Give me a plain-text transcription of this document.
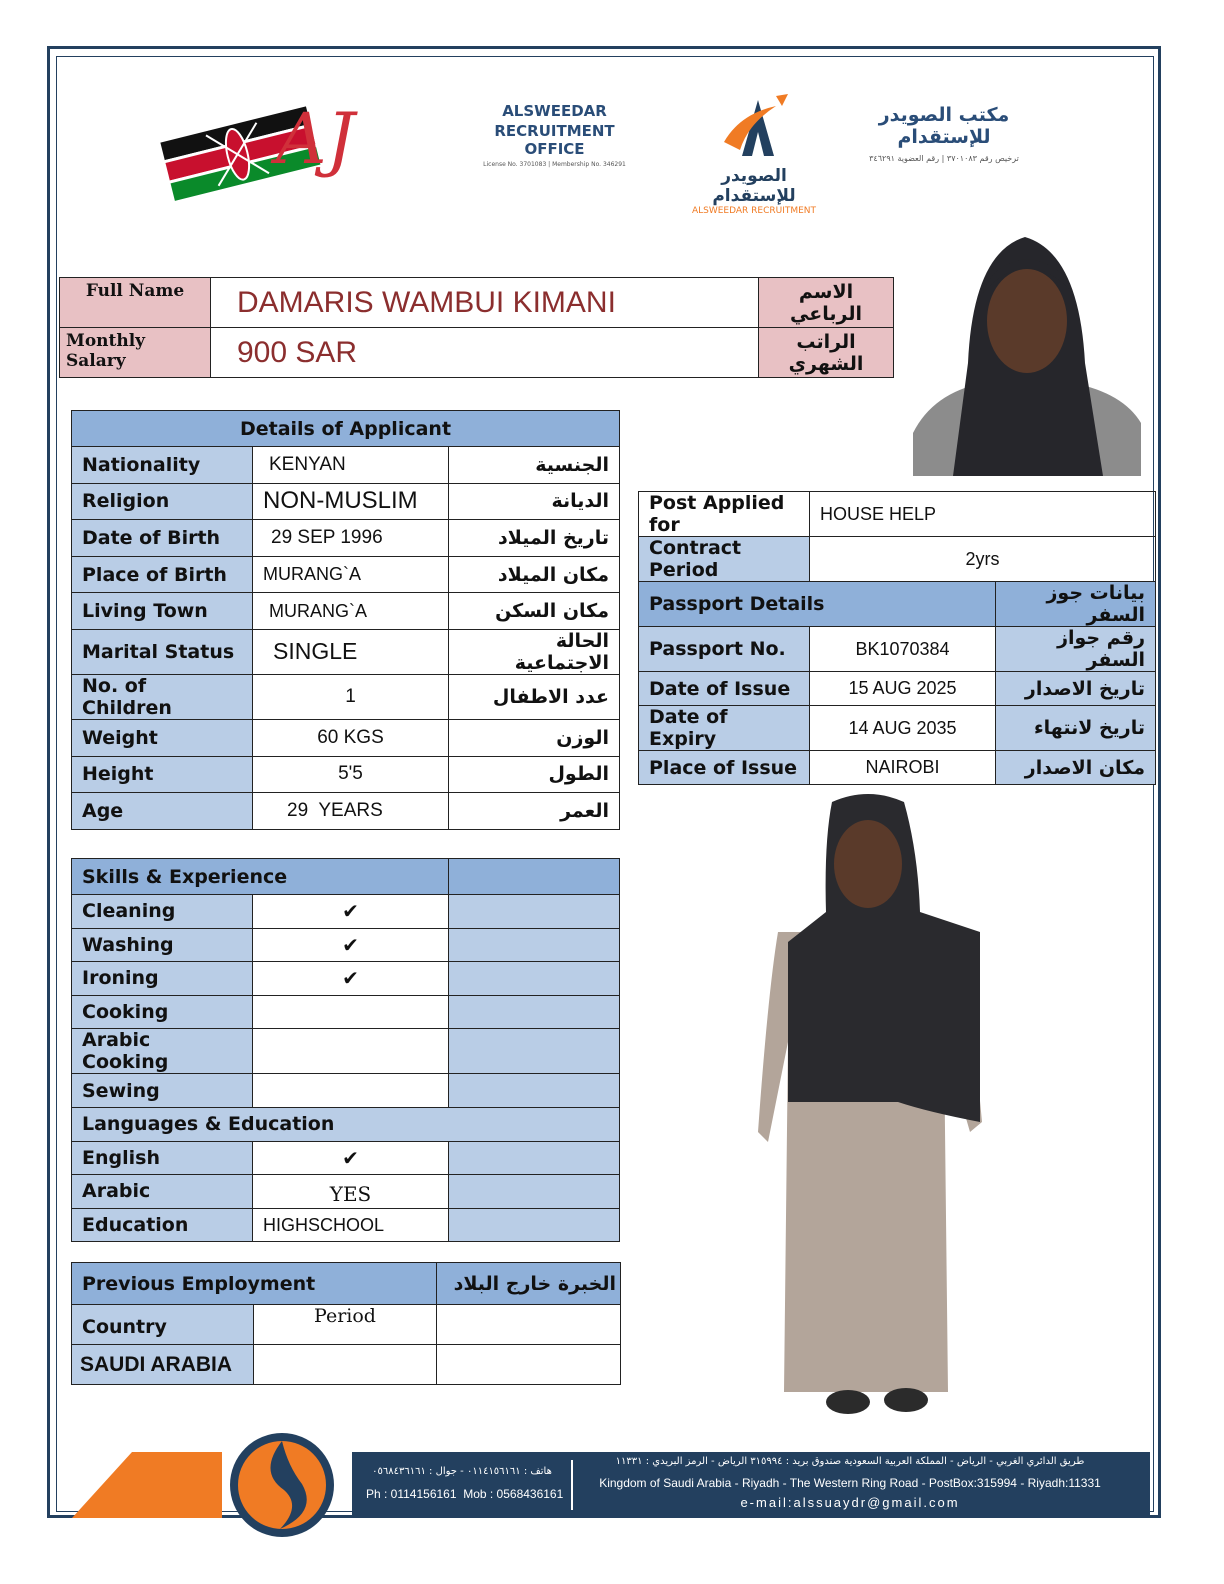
AJ	ALSWEEDAR
RECRUITMENT OFFICE
License No. 3701083 | Membership No. 346291
الصويدر للإستقدام
ALSWEEDAR RECRUITMENT
مكتب الصويدر للإستقدام
ترخيص رقم ٣٧٠١٠٨٣ | رقم العضوية ٣٤٦٢٩١
Full Name	DAMARIS WAMBUI KIMANI	الاسم الرباعي
Monthly Salary	900 SAR	الراتب الشهري
Details of Applicant		
Nationality	KENYAN	الجنسية
Religion	NON-MUSLIM	الديانة
Date of Birth	29 SEP 1996	تاريخ الميلاد
Place of Birth	MURANG`A	مكان الميلاد
Living Town	MURANG`A	مكان السكن
Marital Status	SINGLE	الحالة الاجتماعية
No. of Children	1	عدد الاطفال
Weight	60 KGS	الوزن
Height	5'5	الطول
Age	29  YEARS	العمر
Post Applied for	HOUSE HELP	
Contract Period	2yrs	
Passport Details		بيانات جوز السفر
Passport No.	BK1070384	رقم جواز السفر
Date of Issue	15 AUG 2025	تاريخ الاصدار
Date of Expiry	14 AUG 2035	تاريخ لانتهاء
Place of Issue	NAIROBI	مكان الاصدار
Skills & Experience		
Cleaning	✔	
Washing	✔	
Ironing	✔	
Cooking		
Arabic Cooking		
Sewing		
Languages & Education		
English	✔	
Arabic	YES	
Education	HIGHSCHOOL	
Previous Employment		الخبرة خارج البلاد
Country	Period	
SAUDI ARABIA		
هاتف : ٠١١٤١٥٦١٦١ - جوال : ٠٥٦٨٤٣٦١٦١
Ph : 0114156161  Mob : 0568436161
طريق الدائري الغربي - الرياض - المملكة العربية السعودية صندوق بريد : ٣١٥٩٩٤ الرياض - الرمز البريدي : ١١٣٣١
Kingdom of Saudi Arabia - Riyadh - The Western Ring Road - PostBox:315994 - Riyadh:11331
e-mail:alssuaydr@gmail.com
